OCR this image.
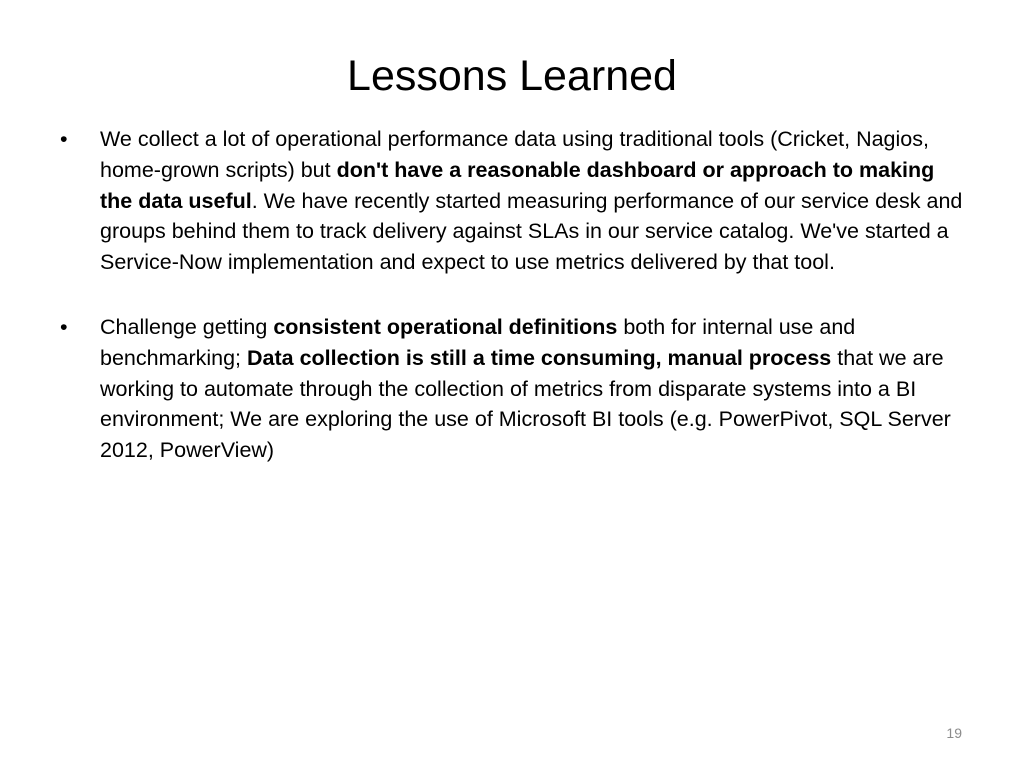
Lessons Learned
• We collect a lot of operational performance data using traditional tools (Cricket, Nagios, home-grown scripts) but don't have a reasonable dashboard or approach to making the data useful. We have recently started measuring performance of our service desk and groups behind them to track delivery against SLAs in our service catalog. We've started a Service-Now implementation and expect to use metrics delivered by that tool.
• Challenge getting consistent operational definitions both for internal use and benchmarking; Data collection is still a time consuming, manual process that we are working to automate through the collection of metrics from disparate systems into a BI environment; We are exploring the use of Microsoft BI tools (e.g. PowerPivot, SQL Server 2012, PowerView)
19
